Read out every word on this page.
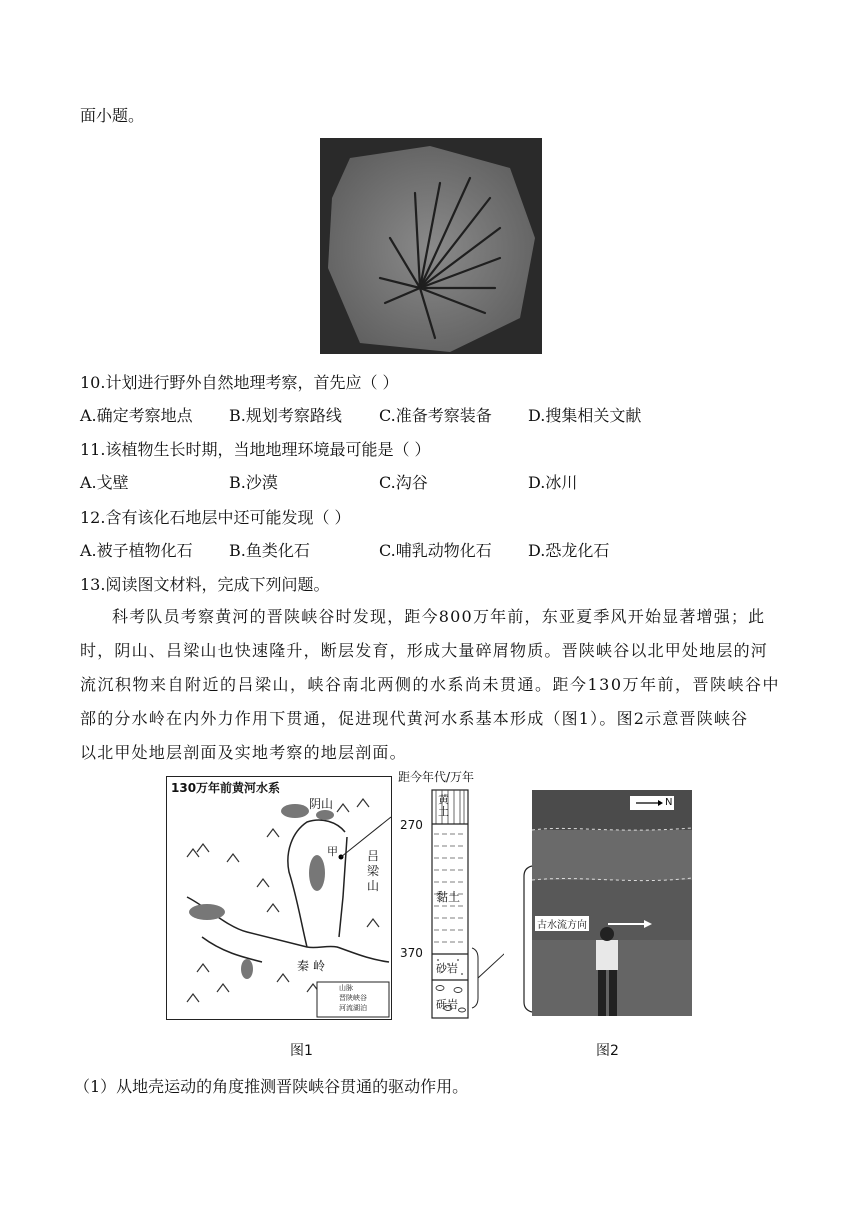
面小题。
10.计划进行野外自然地理考察，首先应（ ）
A.确定考察地点 B.规划考察路线 C.准备考察装备 D.搜集相关文献
11.该植物生长时期，当地地理环境最可能是（ ）
A.戈壁	B.沙漠	C.沟谷	D.冰川
12.含有该化石地层中还可能发现（ ）
A.被子植物化石 B.鱼类化石	C.哺乳动物化石 D.恐龙化石
13.阅读图文材料，完成下列问题。
科考队员考察黄河的晋陕峡谷时发现，距今800万年前，东亚夏季风开始显著增强；此
时，阴山、吕梁山也快速隆升，断层发育，形成大量碎屑物质。晋陕峡谷以北甲处地层的河
流沉积物来自附近的吕梁山，峡谷南北两侧的水系尚未贯通。距今130万年前，晋陕峡谷中
部的分水岭在内外力作用下贯通，促进现代黄河水系基本形成（图1）。图2示意晋陕峡谷
以北甲处地层剖面及实地考察的地层剖面。
130万年前黄河水系
阴山
甲 吕梁山
秦岭
山脉
晋陕峡谷
河流湖泊
距今年代/万年
270
370
黄土
黏土
砂岩
砾岩
N
古水流方向
图1	图2
（1）从地壳运动的角度推测晋陕峡谷贯通的驱动作用。
